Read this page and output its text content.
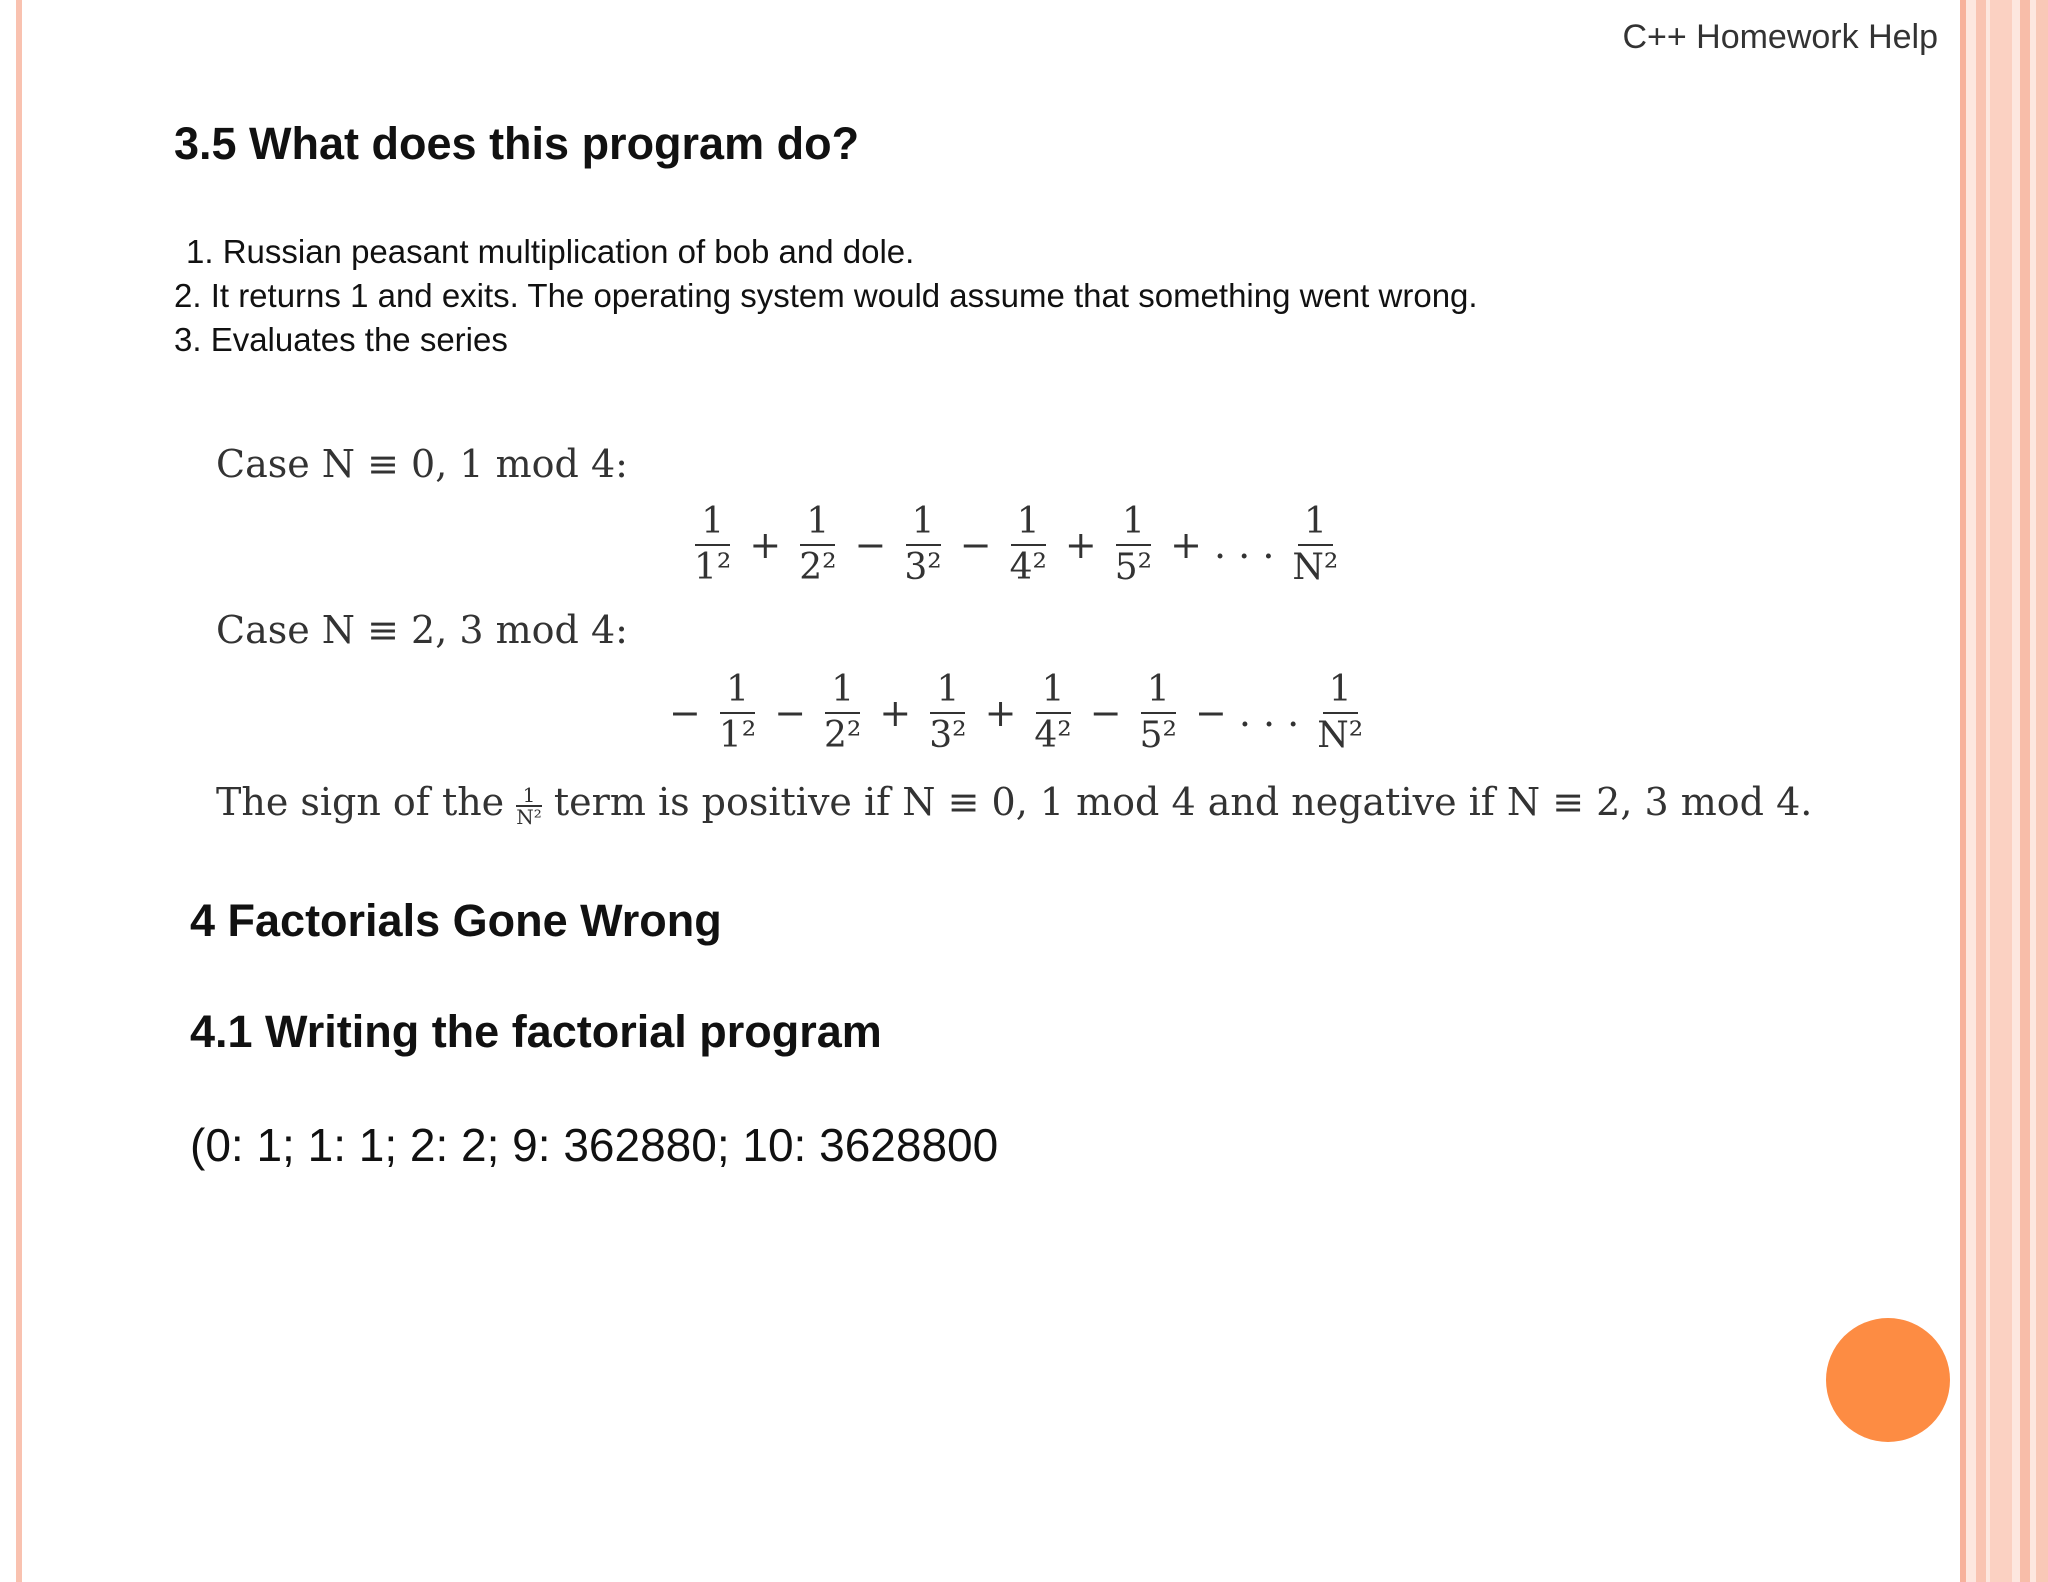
C++ Homework Help
3.5 What does this program do?
1. Russian peasant multiplication of bob and dole.
2. It returns 1 and exits. The operating system would assume that something went wrong.
3. Evaluates the series
Case N ≡ 0, 1 mod 4:
$\frac{1}{\text{1²}} + \frac{1}{\text{2²}} - \frac{1}{\text{3²}} - \frac{1}{\text{4²}} + \frac{1}{\text{5²}}$ + . . . $\frac{1}{\text{N²}}$
Case N ≡ 2, 3 mod 4:
− $\frac{1}{\text{1²}} - \frac{1}{\text{2²}} + \frac{1}{\text{3²}} + \frac{1}{\text{4²}} - \frac{1}{\text{5²}}$ − . . . $\frac{1}{\text{N²}}$
The sign of the $\frac{1}{\text{N²}}$ term is positive if N ≡ 0, 1 mod 4 and negative if N ≡ 2, 3 mod 4.
4 Factorials Gone Wrong
4.1 Writing the factorial program
(0: 1; 1: 1; 2: 2; 9: 362880; 10: 3628800
